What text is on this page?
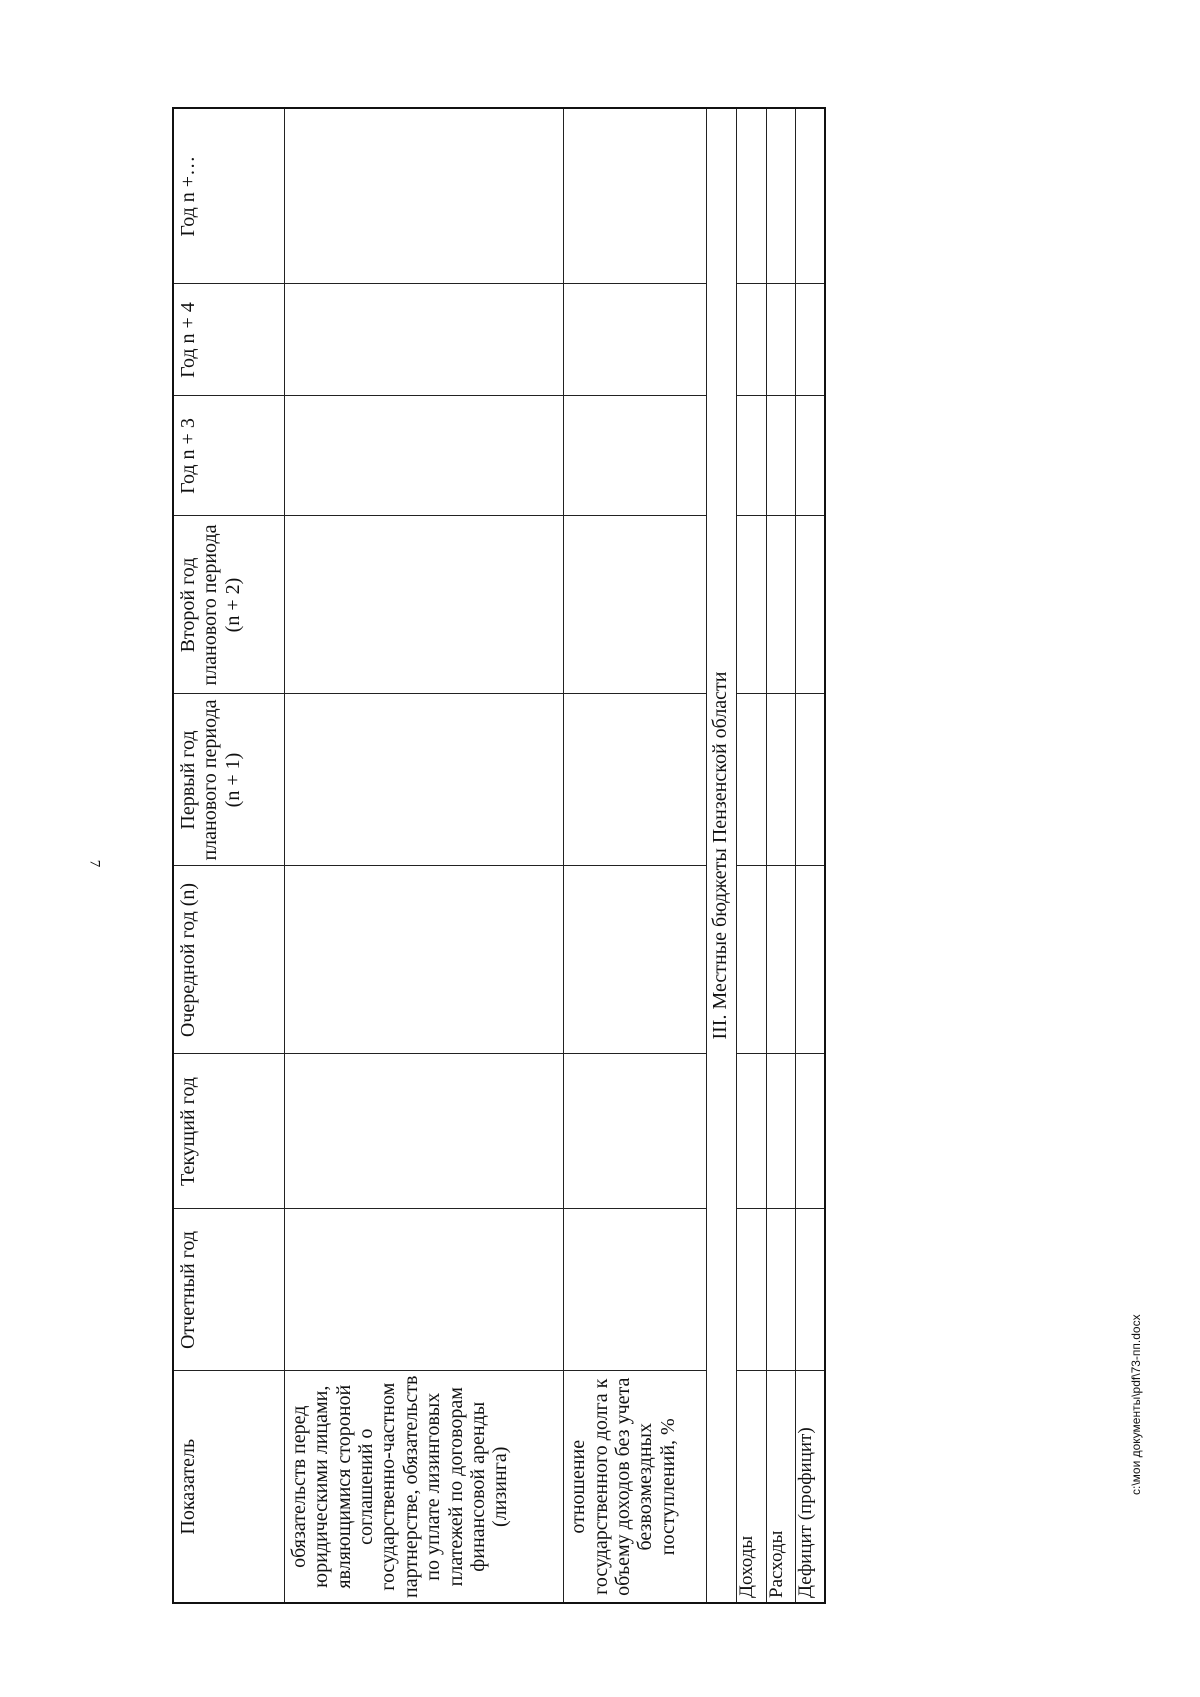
7
Показатель	Отчетный год	Текущий год	Очередной год (n)	Первый год планового периода (n + 1)	Второй год планового периода (n + 2)	Год n + 3	Год n + 4	Год n +…
обязательств перед юридическими лицами, являющимися стороной соглашений о государственно-частном партнерстве, обязательств по уплате лизинговых платежей по договорам финансовой аренды (лизинга)								
отношение государственного долга к объему доходов без учета безвозмездных поступлений, %								
III. Местные бюджеты Пензенской области								
Доходы								
Расходы								
Дефицит (профицит)								
c:\мои документы\pdf\73-пп.docx
